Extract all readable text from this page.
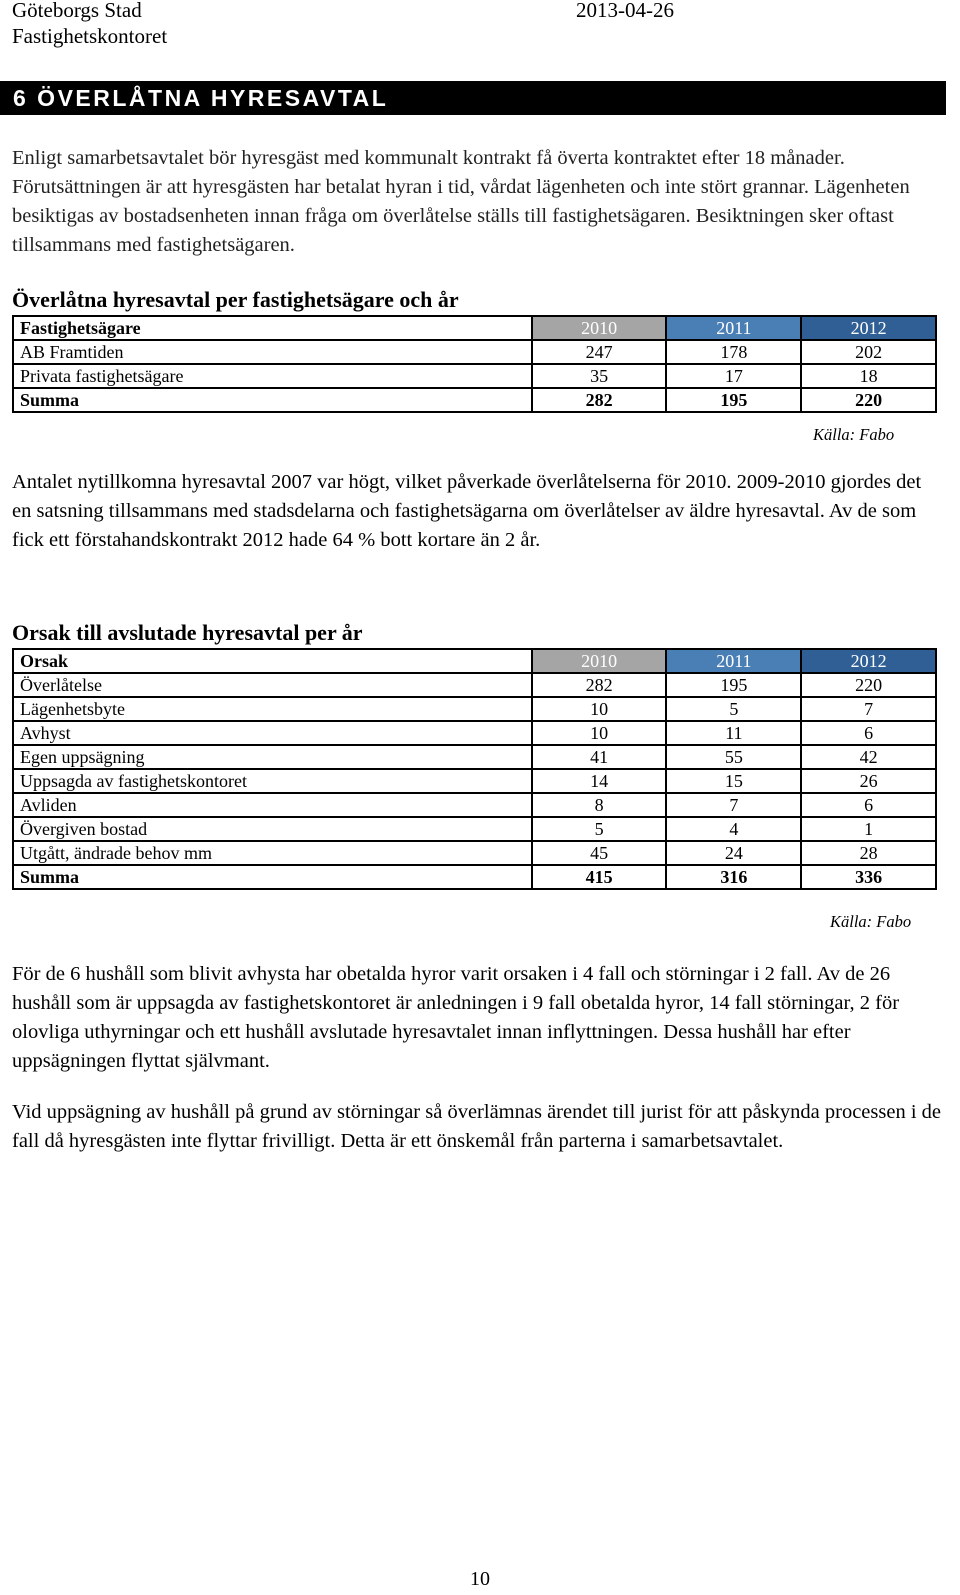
Göteborgs Stad
Fastighetskontoret
2013-04-26
6 ÖVERLÅTNA HYRESAVTAL

Enligt samarbetsavtalet bör hyresgäst med kommunalt kontrakt få överta kontraktet efter 18 månader. Förutsättningen är att hyresgästen har betalat hyran i tid, vårdat lägenheten och inte stört grannar. Lägenheten besiktigas av bostadsenheten innan fråga om överlåtelse ställs till fastighetsägaren. Besiktningen sker oftast tillsammans med fastighetsägaren.

Överlåtna hyresavtal per fastighetsägare och år

Fastighetsägare	2010	2011	2012
AB Framtiden	247	178	202
Privata fastighetsägare	35	17	18
Summa	282	195	220
Källa: Fabo

Antalet nytillkomna hyresavtal 2007 var högt, vilket påverkade överlåtelserna för 2010. 2009-2010 gjordes det en satsning tillsammans med stadsdelarna och fastighetsägarna om överlåtelser av äldre hyresavtal. Av de som fick ett förstahandskontrakt 2012 hade 64 % bott kortare än 2 år.

Orsak till avslutade hyresavtal per år

Orsak	2010	2011	2012
Överlåtelse	282	195	220
Lägenhetsbyte	10	5	7
Avhyst	10	11	6
Egen uppsägning	41	55	42
Uppsagda av fastighetskontoret	14	15	26
Avliden	8	7	6
Övergiven bostad	5	4	1
Utgått, ändrade behov mm	45	24	28
Summa	415	316	336
Källa: Fabo

För de 6 hushåll som blivit avhysta har obetalda hyror varit orsaken i 4 fall och störningar i 2 fall. Av de 26 hushåll som är uppsagda av fastighetskontoret är anledningen i 9 fall obetalda hyror, 14 fall störningar, 2 för olovliga uthyrningar och ett hushåll avslutade hyresavtalet innan inflyttningen. Dessa hushåll har efter uppsägningen flyttat självmant.

Vid uppsägning av hushåll på grund av störningar så överlämnas ärendet till jurist för att påskynda processen i de fall då hyresgästen inte flyttar frivilligt. Detta är ett önskemål från parterna i samarbetsavtalet.

10
